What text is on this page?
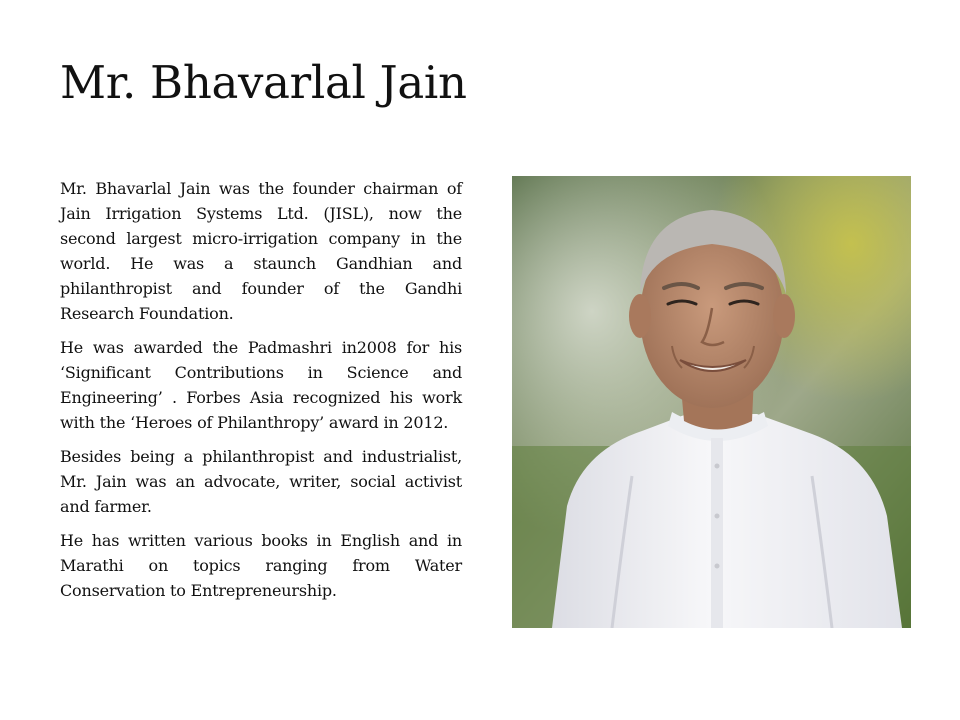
Mr. Bhavarlal Jain

Mr. Bhavarlal Jain was the founder chairman of Jain Irrigation Systems Ltd. (JISL), now the second largest micro-irrigation company in the world. He was a staunch Gandhian and philanthropist and founder of the Gandhi Research Foundation.

He was awarded the Padmashri in2008 for his ‘Significant Contributions in Science and Engineering’ . Forbes Asia recognized his work with the ‘Heroes of Philanthropy’ award in 2012.

Besides being a philanthropist and industrialist, Mr. Jain was an advocate, writer, social activist and farmer.

He has written various books in English and in Marathi on topics ranging from Water Conservation to Entrepreneurship.
